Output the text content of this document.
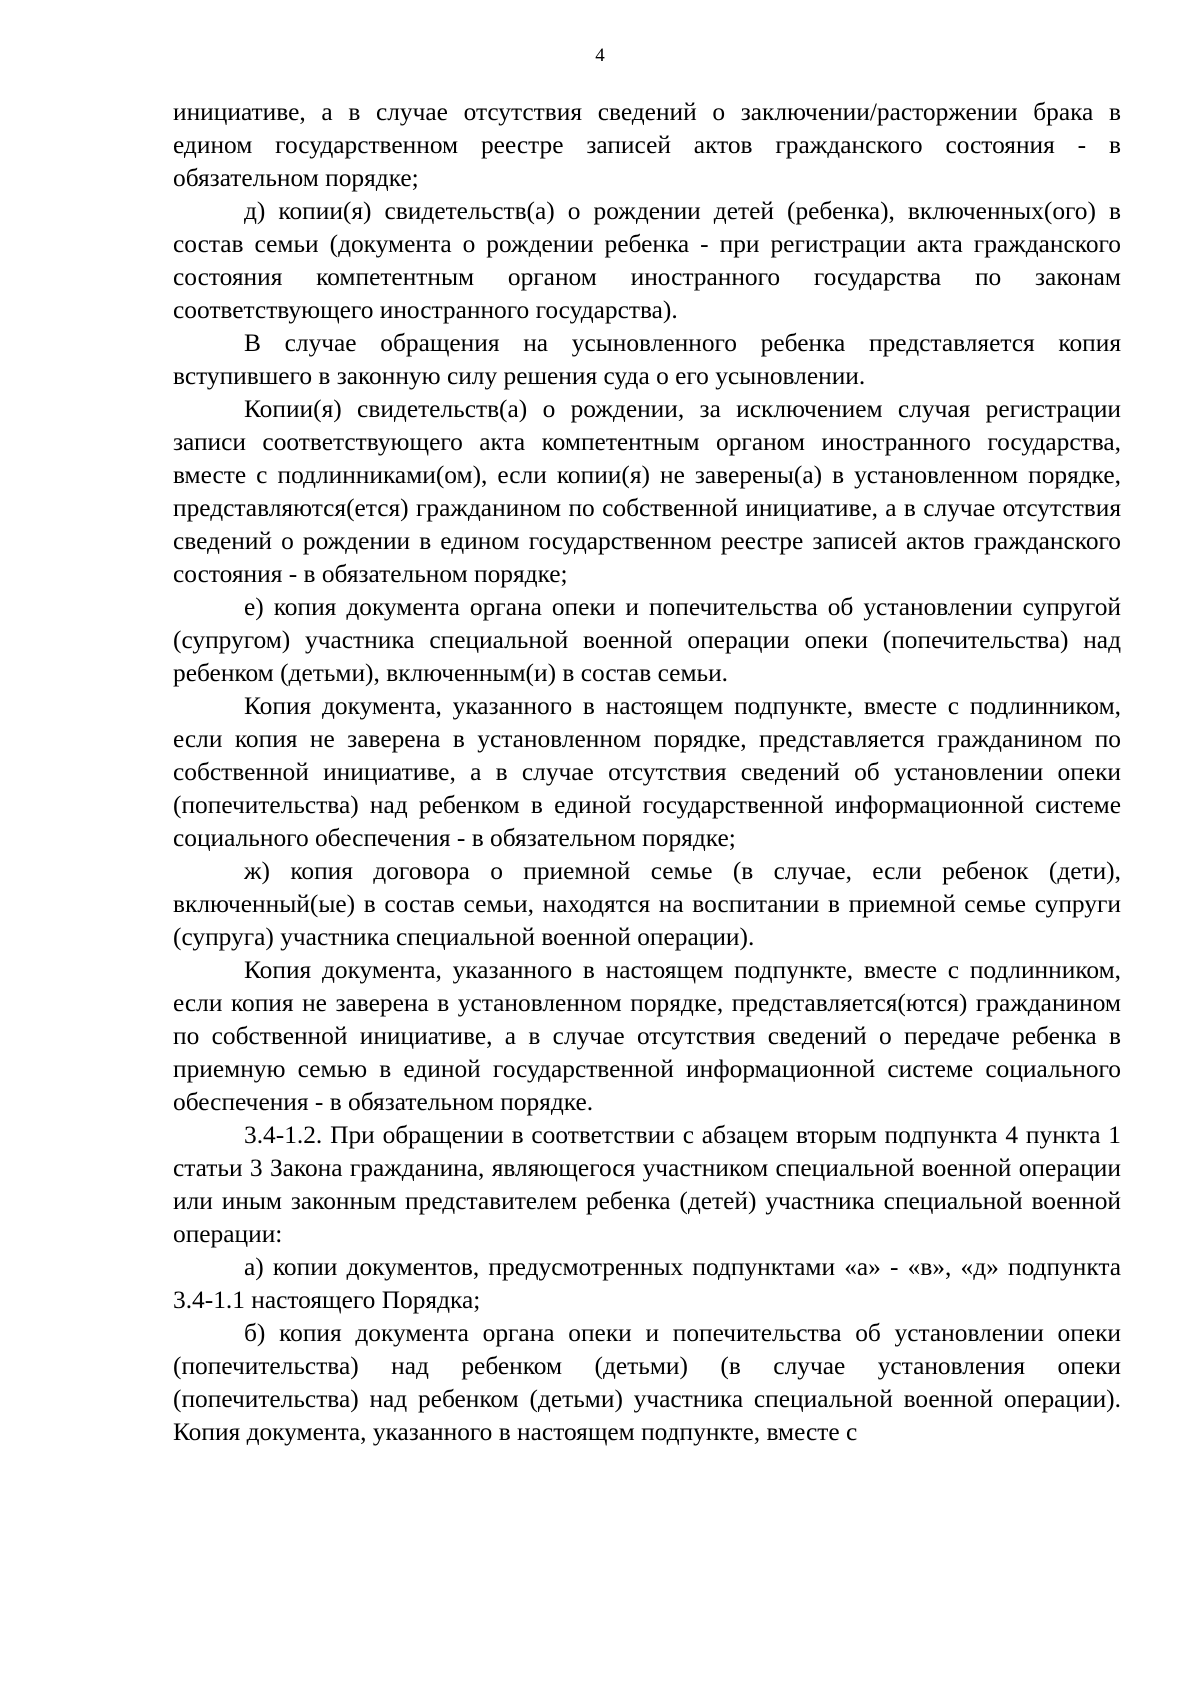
4

инициативе, а в случае отсутствия сведений о заключении/расторжении брака в едином государственном реестре записей актов гражданского состояния - в обязательном порядке;

д) копии(я) свидетельств(а) о рождении детей (ребенка), включенных(ого) в состав семьи (документа о рождении ребенка - при регистрации акта гражданского состояния компетентным органом иностранного государства по законам соответствующего иностранного государства).

В случае обращения на усыновленного ребенка представляется копия вступившего в законную силу решения суда о его усыновлении.

Копии(я) свидетельств(а) о рождении, за исключением случая регистрации записи соответствующего акта компетентным органом иностранного государства, вместе с подлинниками(ом), если копии(я) не заверены(а) в установленном порядке, представляются(ется) гражданином по собственной инициативе, а в случае отсутствия сведений о рождении в едином государственном реестре записей актов гражданского состояния - в обязательном порядке;

е) копия документа органа опеки и попечительства об установлении супругой (супругом) участника специальной военной операции опеки (попечительства) над ребенком (детьми), включенным(и) в состав семьи.

Копия документа, указанного в настоящем подпункте, вместе с подлинником, если копия не заверена в установленном порядке, представляется гражданином по собственной инициативе, а в случае отсутствия сведений об установлении опеки (попечительства) над ребенком в единой государственной информационной системе социального обеспечения - в обязательном порядке;

ж) копия договора о приемной семье (в случае, если ребенок (дети), включенный(ые) в состав семьи, находятся на воспитании в приемной семье супруги (супруга) участника специальной военной операции).

Копия документа, указанного в настоящем подпункте, вместе с подлинником, если копия не заверена в установленном порядке, представляется(ются) гражданином по собственной инициативе, а в случае отсутствия сведений о передаче ребенка в приемную семью в единой государственной информационной системе социального обеспечения - в обязательном порядке.

3.4-1.2. При обращении в соответствии с абзацем вторым подпункта 4 пункта 1 статьи 3 Закона гражданина, являющегося участником специальной военной операции или иным законным представителем ребенка (детей) участника специальной военной операции:

а) копии документов, предусмотренных подпунктами «а» - «в», «д» подпункта 3.4-1.1 настоящего Порядка;

б) копия документа органа опеки и попечительства об установлении опеки (попечительства) над ребенком (детьми) (в случае установления опеки (попечительства) над ребенком (детьми) участника специальной военной операции). Копия документа, указанного в настоящем подпункте, вместе с
